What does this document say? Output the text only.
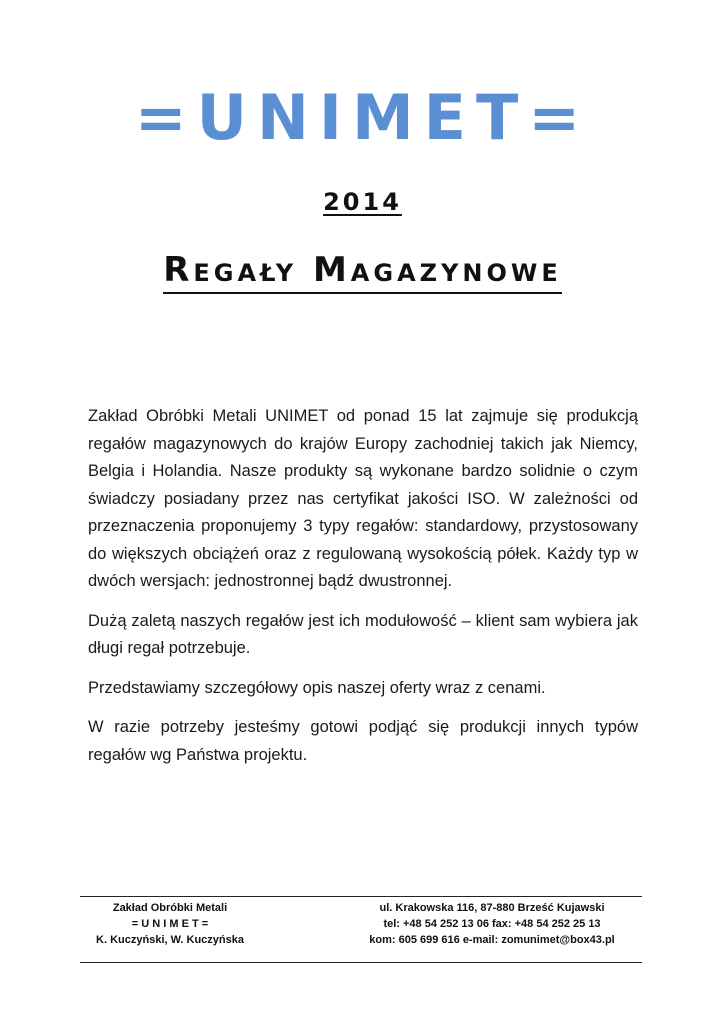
=UNIMET=
2014
Regały Magazynowe

Zakład Obróbki Metali UNIMET od ponad 15 lat zajmuje się produkcją regałów magazynowych do krajów Europy zachodniej takich jak Niemcy, Belgia i Holandia. Nasze produkty są wykonane bardzo solidnie o czym świadczy posiadany przez nas certyfikat jakości ISO. W zależności od przeznaczenia proponujemy 3 typy regałów: standardowy, przystosowany do większych obciążeń oraz z regulowaną wysokością półek. Każdy typ w dwóch wersjach: jednostronnej bądź dwustronnej.

Dużą zaletą naszych regałów jest ich modułowość – klient sam wybiera jak długi regał potrzebuje.

Przedstawiamy szczegółowy opis naszej oferty wraz z cenami.

W razie potrzeby jesteśmy gotowi podjąć się produkcji innych typów regałów wg Państwa projektu.

Zakład Obróbki Metali	ul. Krakowska 116, 87-880 Brześć Kujawski
= U N I M E T =	tel: +48 54 252 13 06 fax: +48 54 252 25 13
K. Kuczyński, W. Kuczyńska	kom: 605 699 616 e-mail: zomunimet@box43.pl
